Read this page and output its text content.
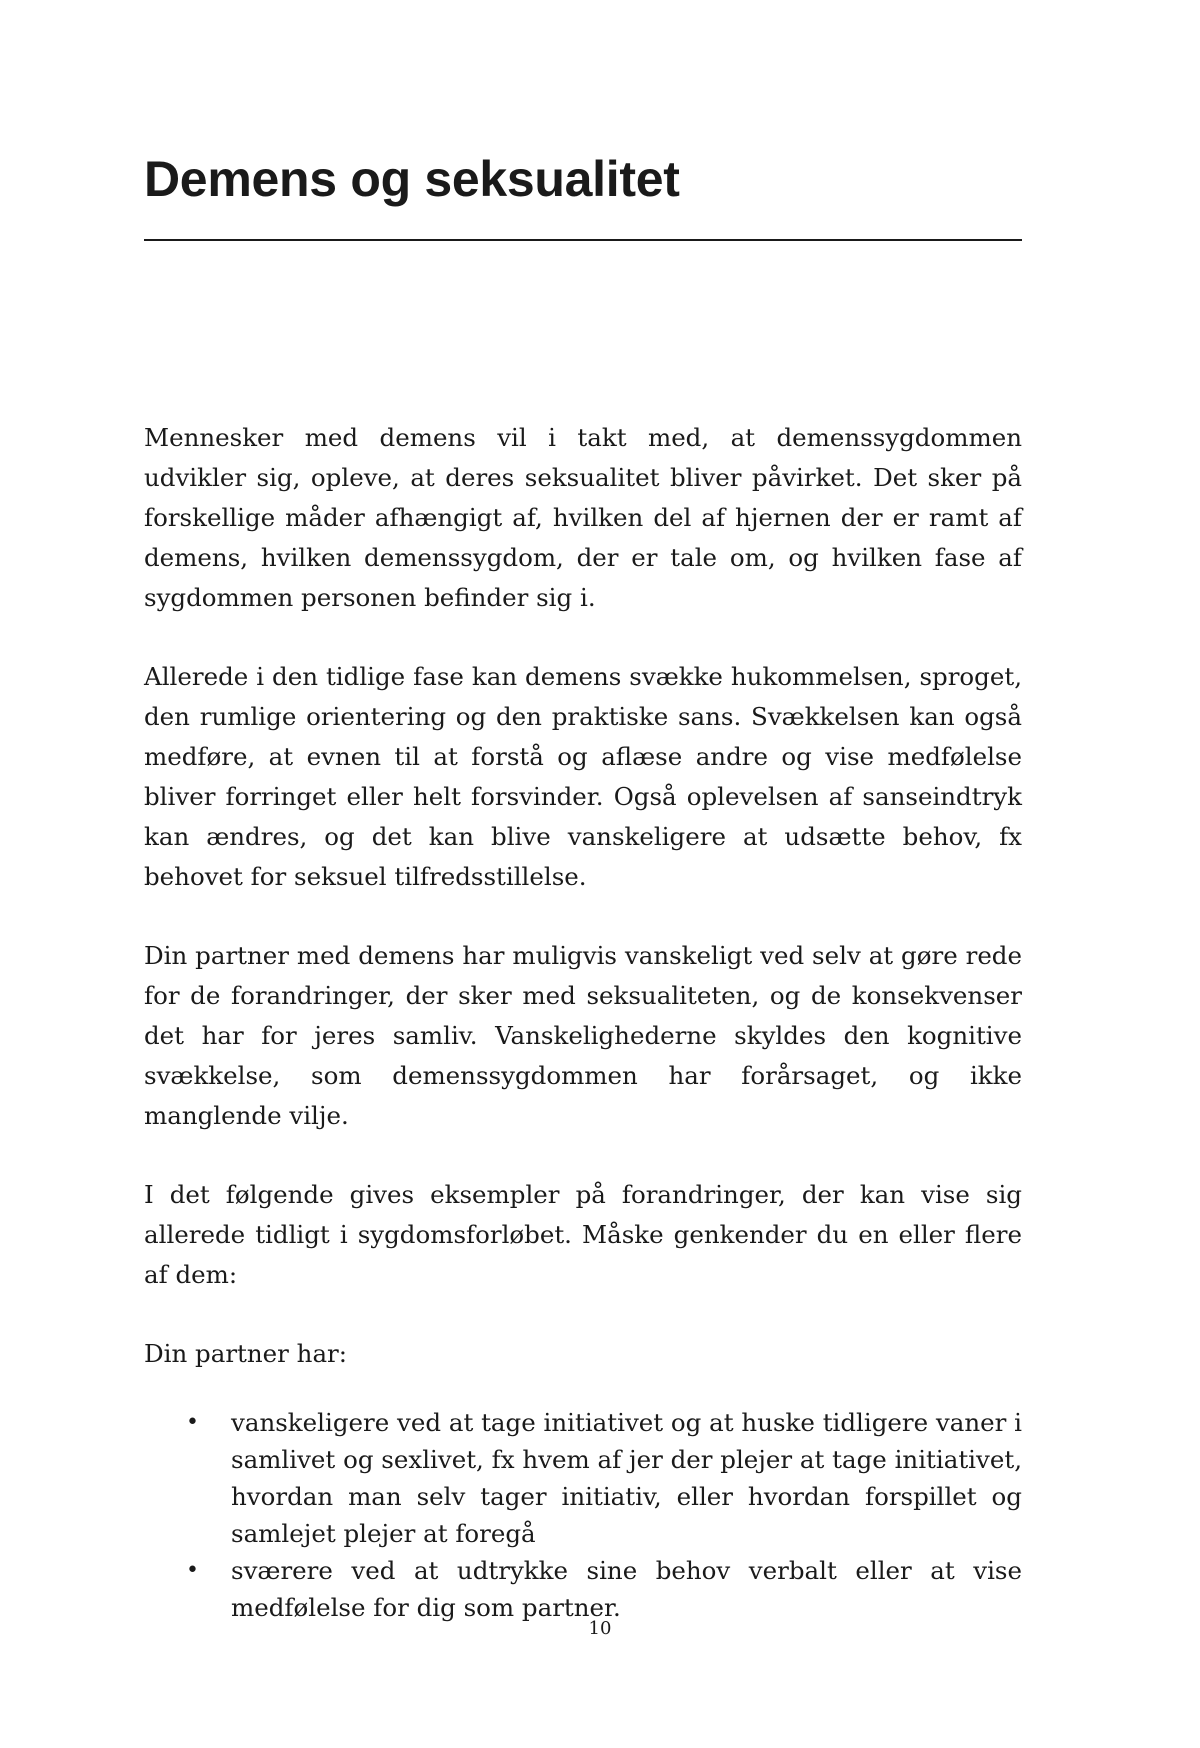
Demens og seksualitet

Mennesker med demens vil i takt med, at demenssygdommen udvikler sig, opleve, at deres seksualitet bliver påvirket. Det sker på forskellige måder afhængigt af, hvilken del af hjernen der er ramt af demens, hvilken demenssygdom, der er tale om, og hvilken fase af sygdommen personen befinder sig i.

Allerede i den tidlige fase kan demens svække hukommelsen, sproget, den rumlige orientering og den praktiske sans. Svækkelsen kan også medføre, at evnen til at forstå og aflæse andre og vise medfølelse bliver forringet eller helt forsvinder. Også oplevelsen af sanseindtryk kan ændres, og det kan blive vanskeligere at udsætte behov, fx behovet for seksuel tilfredsstillelse.

Din partner med demens har muligvis vanskeligt ved selv at gøre rede for de forandringer, der sker med seksualiteten, og de konsekvenser det har for jeres samliv. Vanskelighederne skyldes den kognitive svækkelse, som demenssygdommen har forårsaget, og ikke manglende vilje.

I det følgende gives eksempler på forandringer, der kan vise sig allerede tidligt i sygdomsforløbet. Måske genkender du en eller flere af dem:

Din partner har:

• vanskeligere ved at tage initiativet og at huske tidligere vaner i samlivet og sexlivet, fx hvem af jer der plejer at tage initiativet, hvordan man selv tager initiativ, eller hvordan forspillet og samlejet plejer at foregå
• sværere ved at udtrykke sine behov verbalt eller at vise medfølelse for dig som partner.
10
